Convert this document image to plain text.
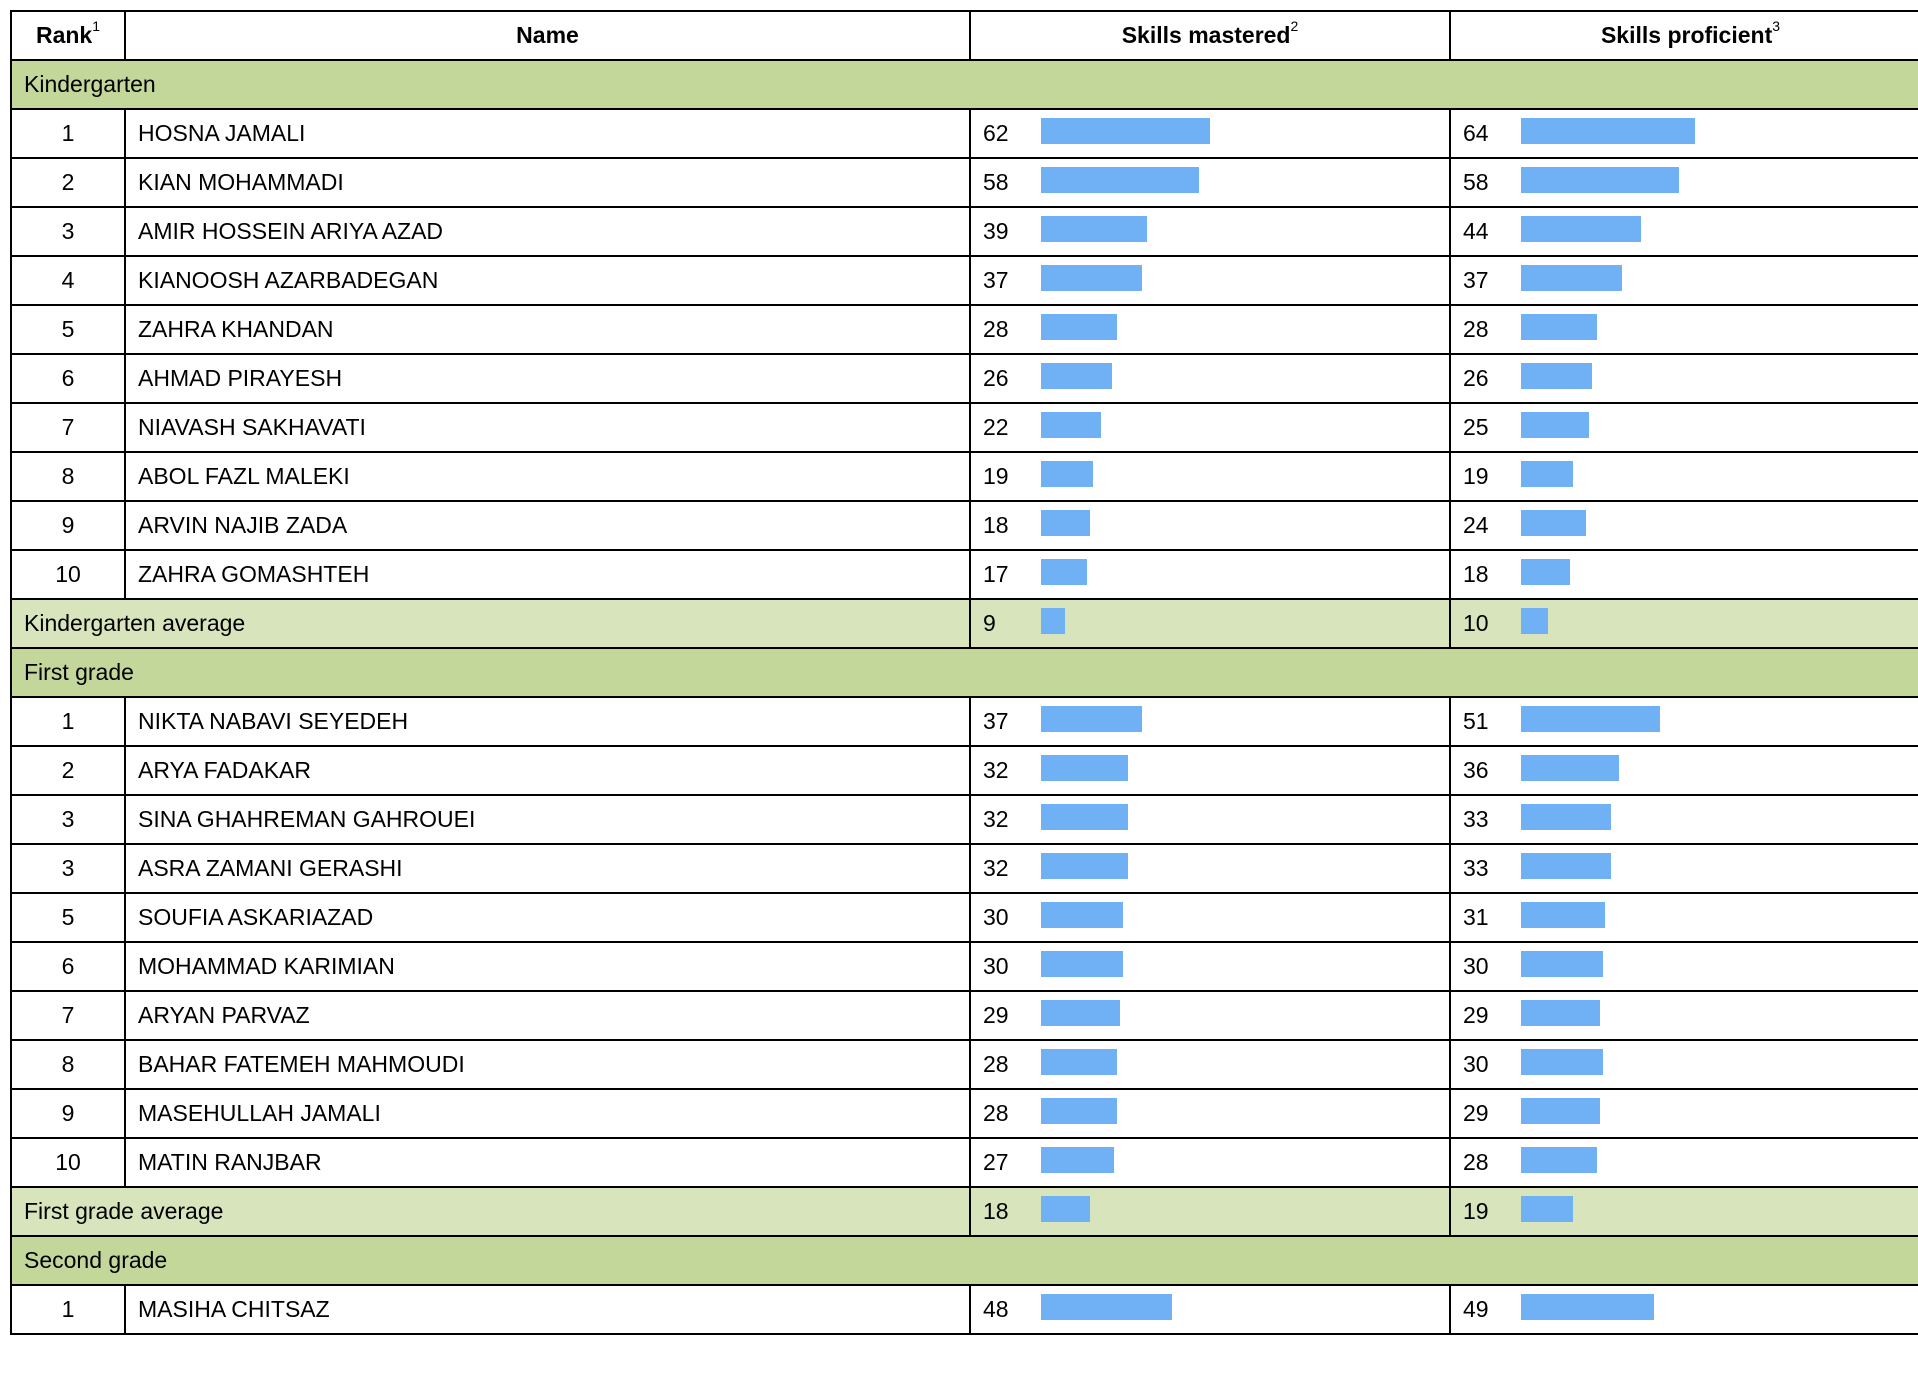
Rank$^1$	Name	Skills mastered$^2$	Skills proficient$^3$
Kindergarten			
1	HOSNA JAMALI	62	64

2	KIAN MOHAMMADI	58	58

3	AMIR HOSSEIN ARIYA AZAD	39	44

4	KIANOOSH AZARBADEGAN	37	37

5	ZAHRA KHANDAN	28	28

6	AHMAD PIRAYESH	26	26

7	NIAVASH SAKHAVATI	22	25

8	ABOL FAZL MALEKI	19	19

9	ARVIN NAJIB ZADA	18	24

10	ZAHRA GOMASHTEH	17	18

Kindergarten average		9	10

First grade			
1	NIKTA NABAVI SEYEDEH	37	51

2	ARYA FADAKAR	32	36

3	SINA GHAHREMAN GAHROUEI	32	33

3	ASRA ZAMANI GERASHI	32	33

5	SOUFIA ASKARIAZAD	30	31

6	MOHAMMAD KARIMIAN	30	30

7	ARYAN PARVAZ	29	29

8	BAHAR FATEMEH MAHMOUDI	28	30

9	MASEHULLAH JAMALI	28	29

10	MATIN RANJBAR	27	28

First grade average		18	19

Second grade			
1	MASIHA CHITSAZ	48	49
